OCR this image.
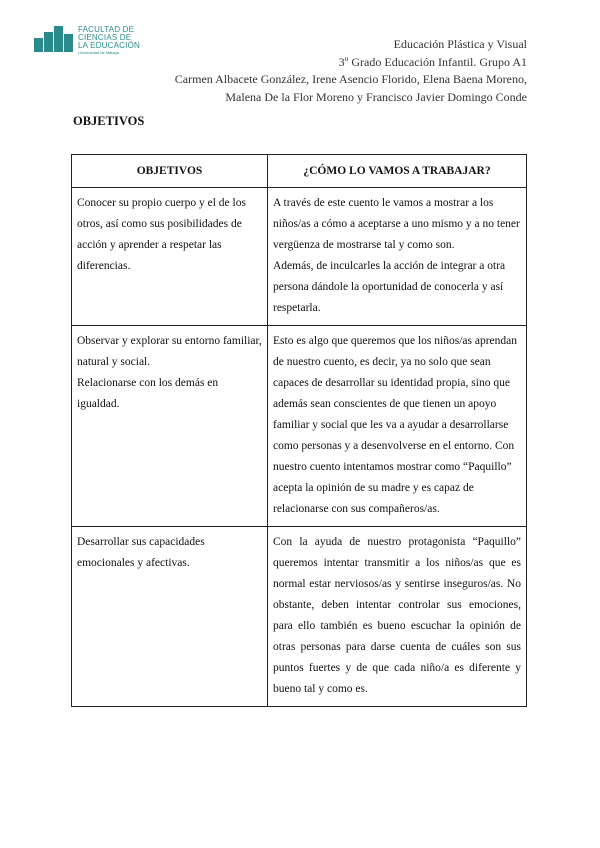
FACULTAD DE
CIENCIAS DE
LA EDUCACIÓN
Universidad de Málaga
Educación Plástica y Visual
3º Grado Educación Infantil. Grupo A1
Carmen Albacete González, Irene Asencio Florido, Elena Baena Moreno,
Malena De la Flor Moreno y Francisco Javier Domingo Conde
OBJETIVOS
OBJETIVOS	¿CÓMO LO VAMOS A TRABAJAR?

Conocer su propio cuerpo y el de los otros, así como sus posibilidades de acción y aprender a respetar las diferencias.	A través de este cuento le vamos a mostrar a los niños/as a cómo a aceptarse a uno mismo y a no tener vergüenza de mostrarse tal y como son.
Además, de inculcarles la acción de integrar a otra persona dándole la oportunidad de conocerla y así respetarla.

Observar y explorar su entorno familiar, natural y social.
Relacionarse con los demás en igualdad.	Esto es algo que queremos que los niños/as aprendan de nuestro cuento, es decir, ya no solo que sean capaces de desarrollar su identidad propia, sino que además sean conscientes de que tienen un apoyo familiar y social que les va a ayudar a desarrollarse como personas y a desenvolverse en el entorno. Con nuestro cuento intentamos mostrar como “Paquillo” acepta la opinión de su madre y es capaz de relacionarse con sus compañeros/as.

Desarrollar sus capacidades emocionales y afectivas.	Con la ayuda de nuestro protagonista “Paquillo” queremos intentar transmitir a los niños/as que es normal estar nerviosos/as y sentirse inseguros/as. No obstante, deben intentar controlar sus emociones, para ello también es bueno escuchar la opinión de otras personas para darse cuenta de cuáles son sus puntos fuertes y de que cada niño/a es diferente y bueno tal y como es.
